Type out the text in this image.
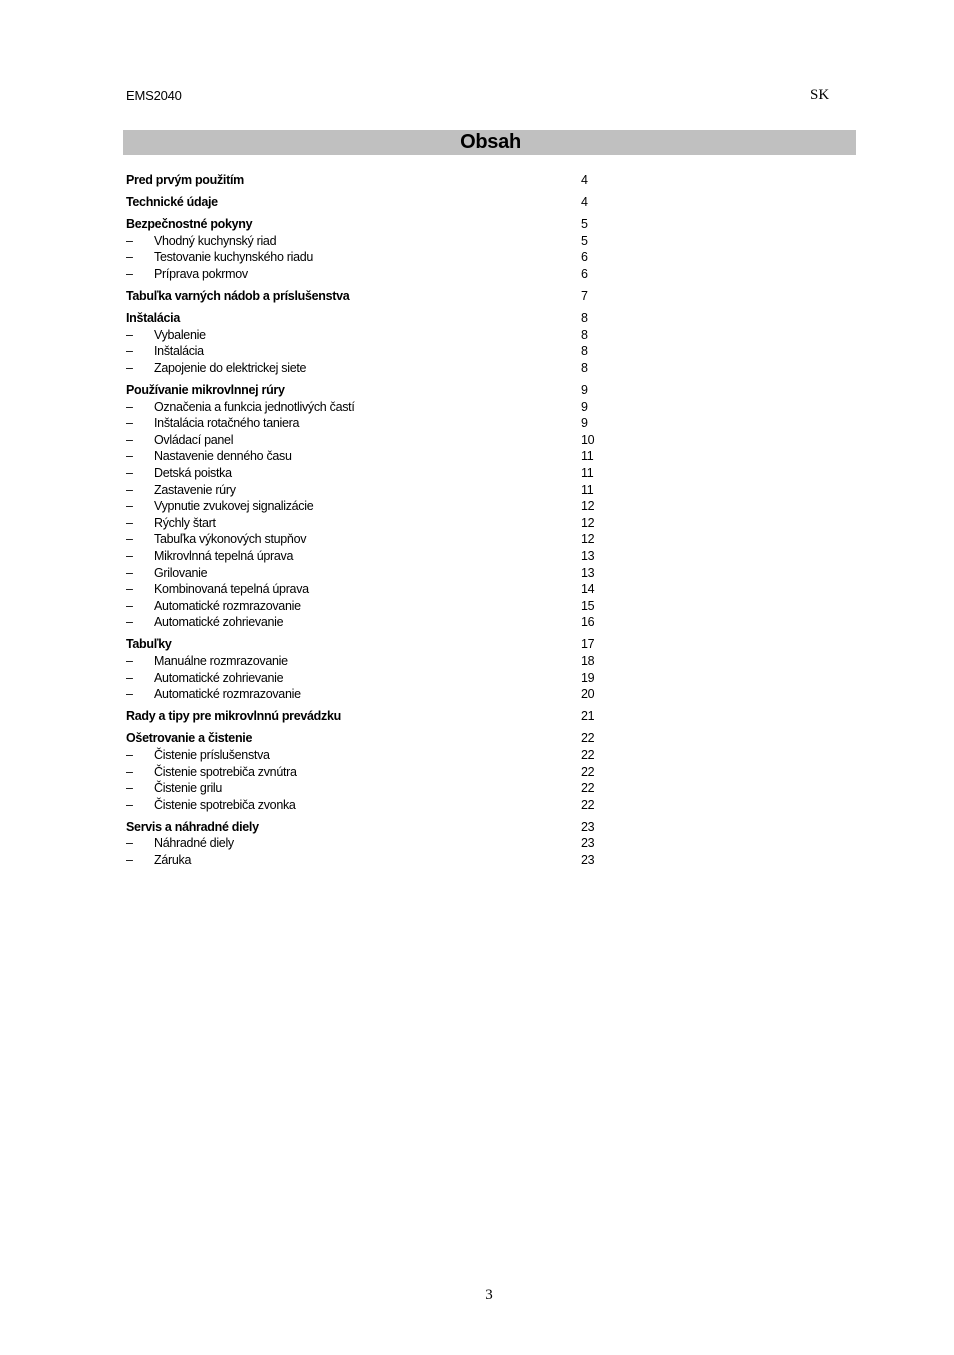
EMS2040	SK
Obsah
Pred prvým použitím	4
Technické údaje	4
Bezpečnostné pokyny	5
–	Vhodný kuchynský riad	5
–	Testovanie kuchynského riadu	6
–	Príprava pokrmov	6
Tabuľka varných nádob a príslušenstva	7
Inštalácia	8
–	Vybalenie	8
–	Inštalácia	8
–	Zapojenie do elektrickej siete	8
Používanie mikrovlnnej rúry	9
–	Označenia a funkcia jednotlivých častí	9
–	Inštalácia rotačného taniera	9
–	Ovládací panel	10
–	Nastavenie denného času	11
–	Detská poistka	11
–	Zastavenie rúry	11
–	Vypnutie zvukovej signalizácie	12
–	Rýchly štart	12
–	Tabuľka výkonových stupňov	12
–	Mikrovlnná tepelná úprava	13
–	Grilovanie	13
–	Kombinovaná tepelná úprava	14
–	Automatické rozmrazovanie	15
–	Automatické zohrievanie	16
Tabuľky	17
–	Manuálne rozmrazovanie	18
–	Automatické zohrievanie	19
–	Automatické rozmrazovanie	20
Rady a tipy pre mikrovlnnú prevádzku	21
Ošetrovanie a čistenie	22
–	Čistenie príslušenstva	22
–	Čistenie spotrebiča zvnútra	22
–	Čistenie grilu	22
–	Čistenie spotrebiča zvonka	22
Servis a náhradné diely	23
–	Náhradné diely	23
–	Záruka	23
3
